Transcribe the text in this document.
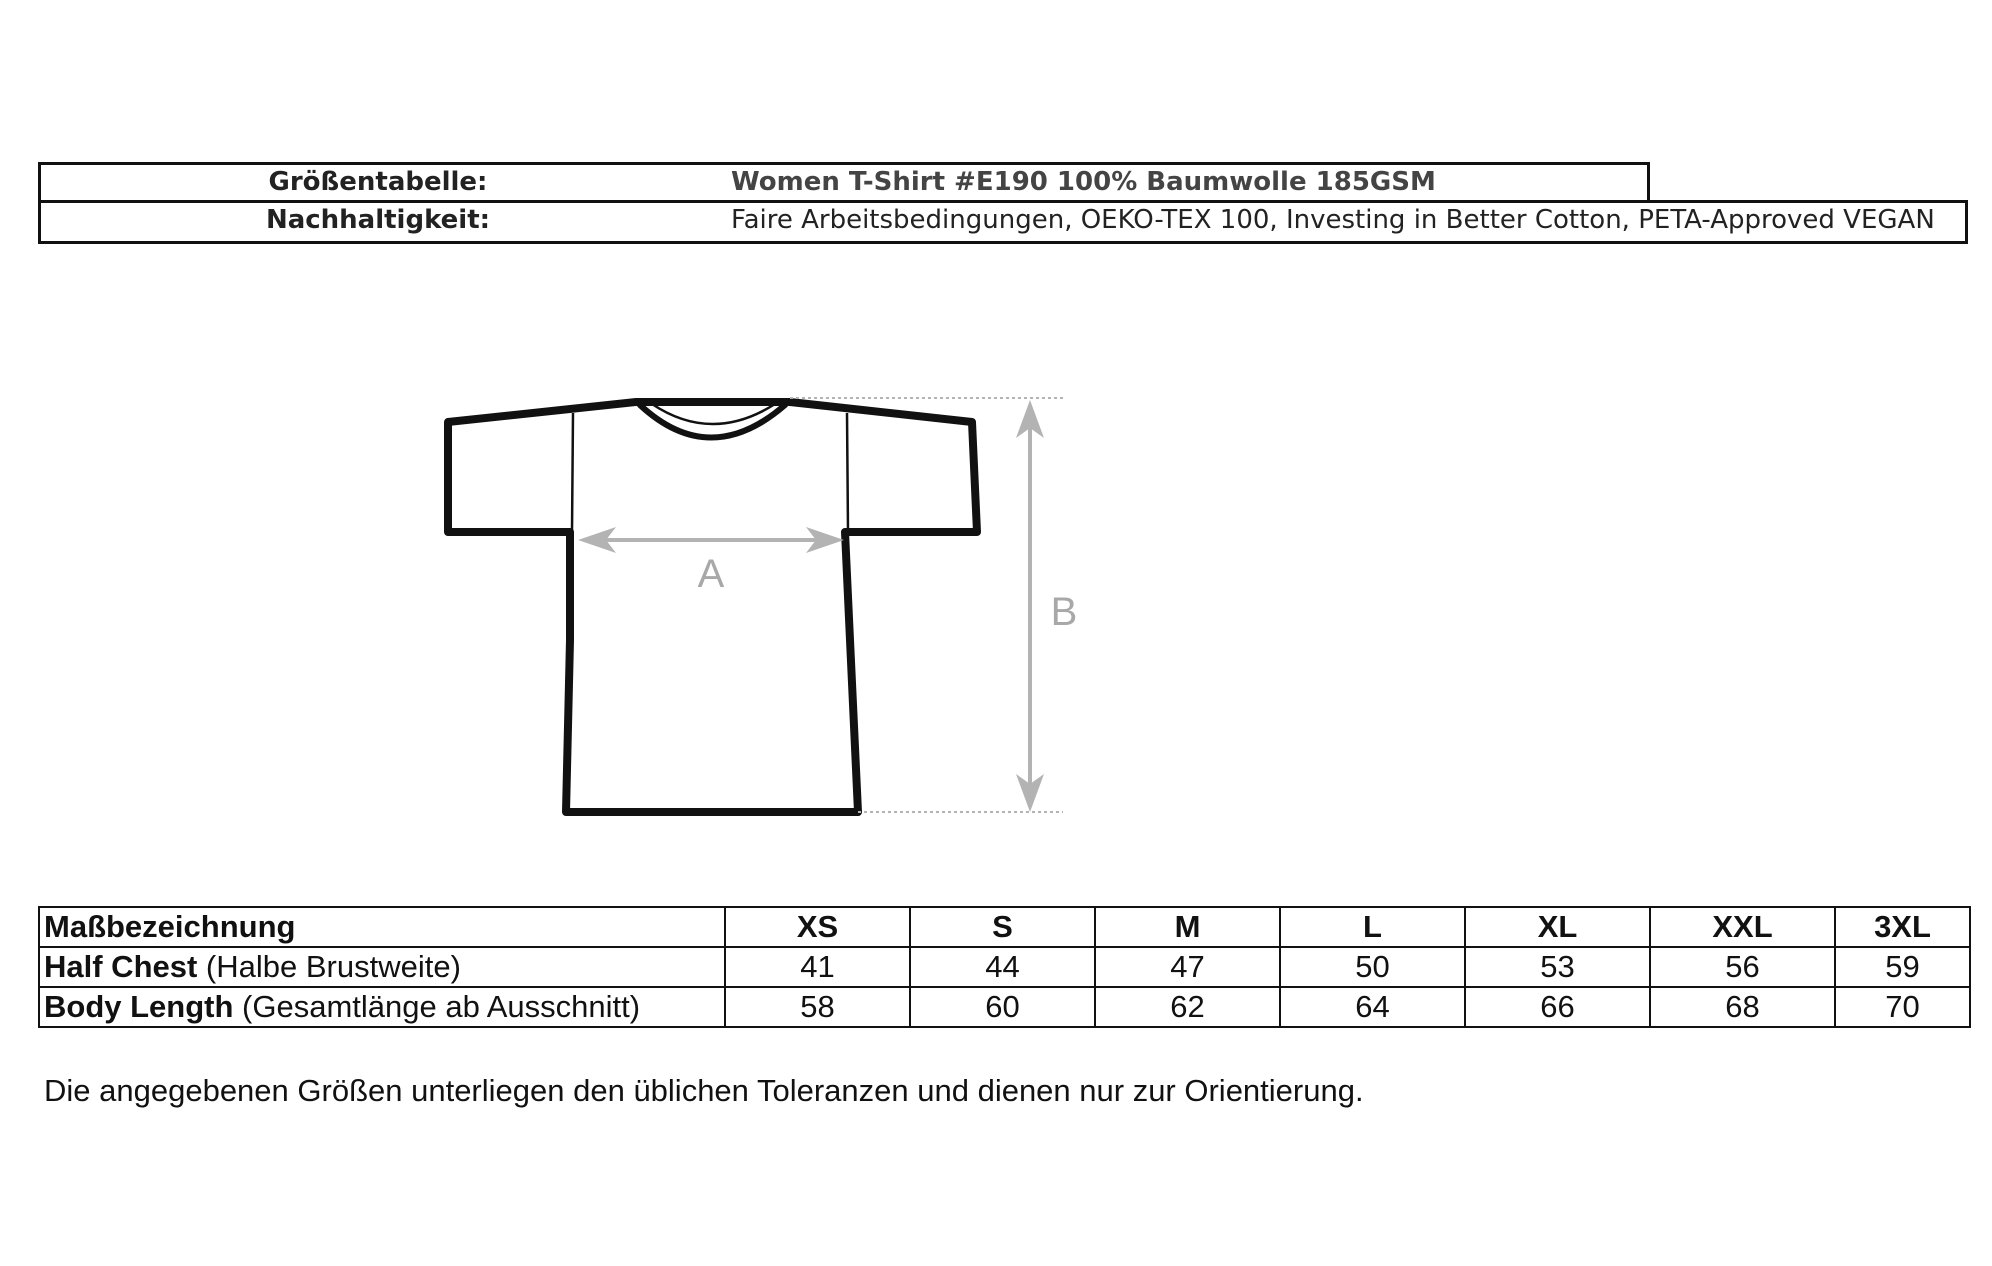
Größentabelle:	Women T-Shirt #E190 100% Baumwolle 185GSM
Nachhaltigkeit:	Faire Arbeitsbedingungen, OEKO-TEX 100, Investing in Better Cotton, PETA-Approved VEGAN
A
B
Maßbezeichnung	XS	S	M	L	XL	XXL	3XL
Half Chest (Halbe Brustweite)	41	44	47	50	53	56	59
Body Length (Gesamtlänge ab Ausschnitt)	58	60	62	64	66	68	70
Die angegebenen Größen unterliegen den üblichen Toleranzen und dienen nur zur Orientierung.
